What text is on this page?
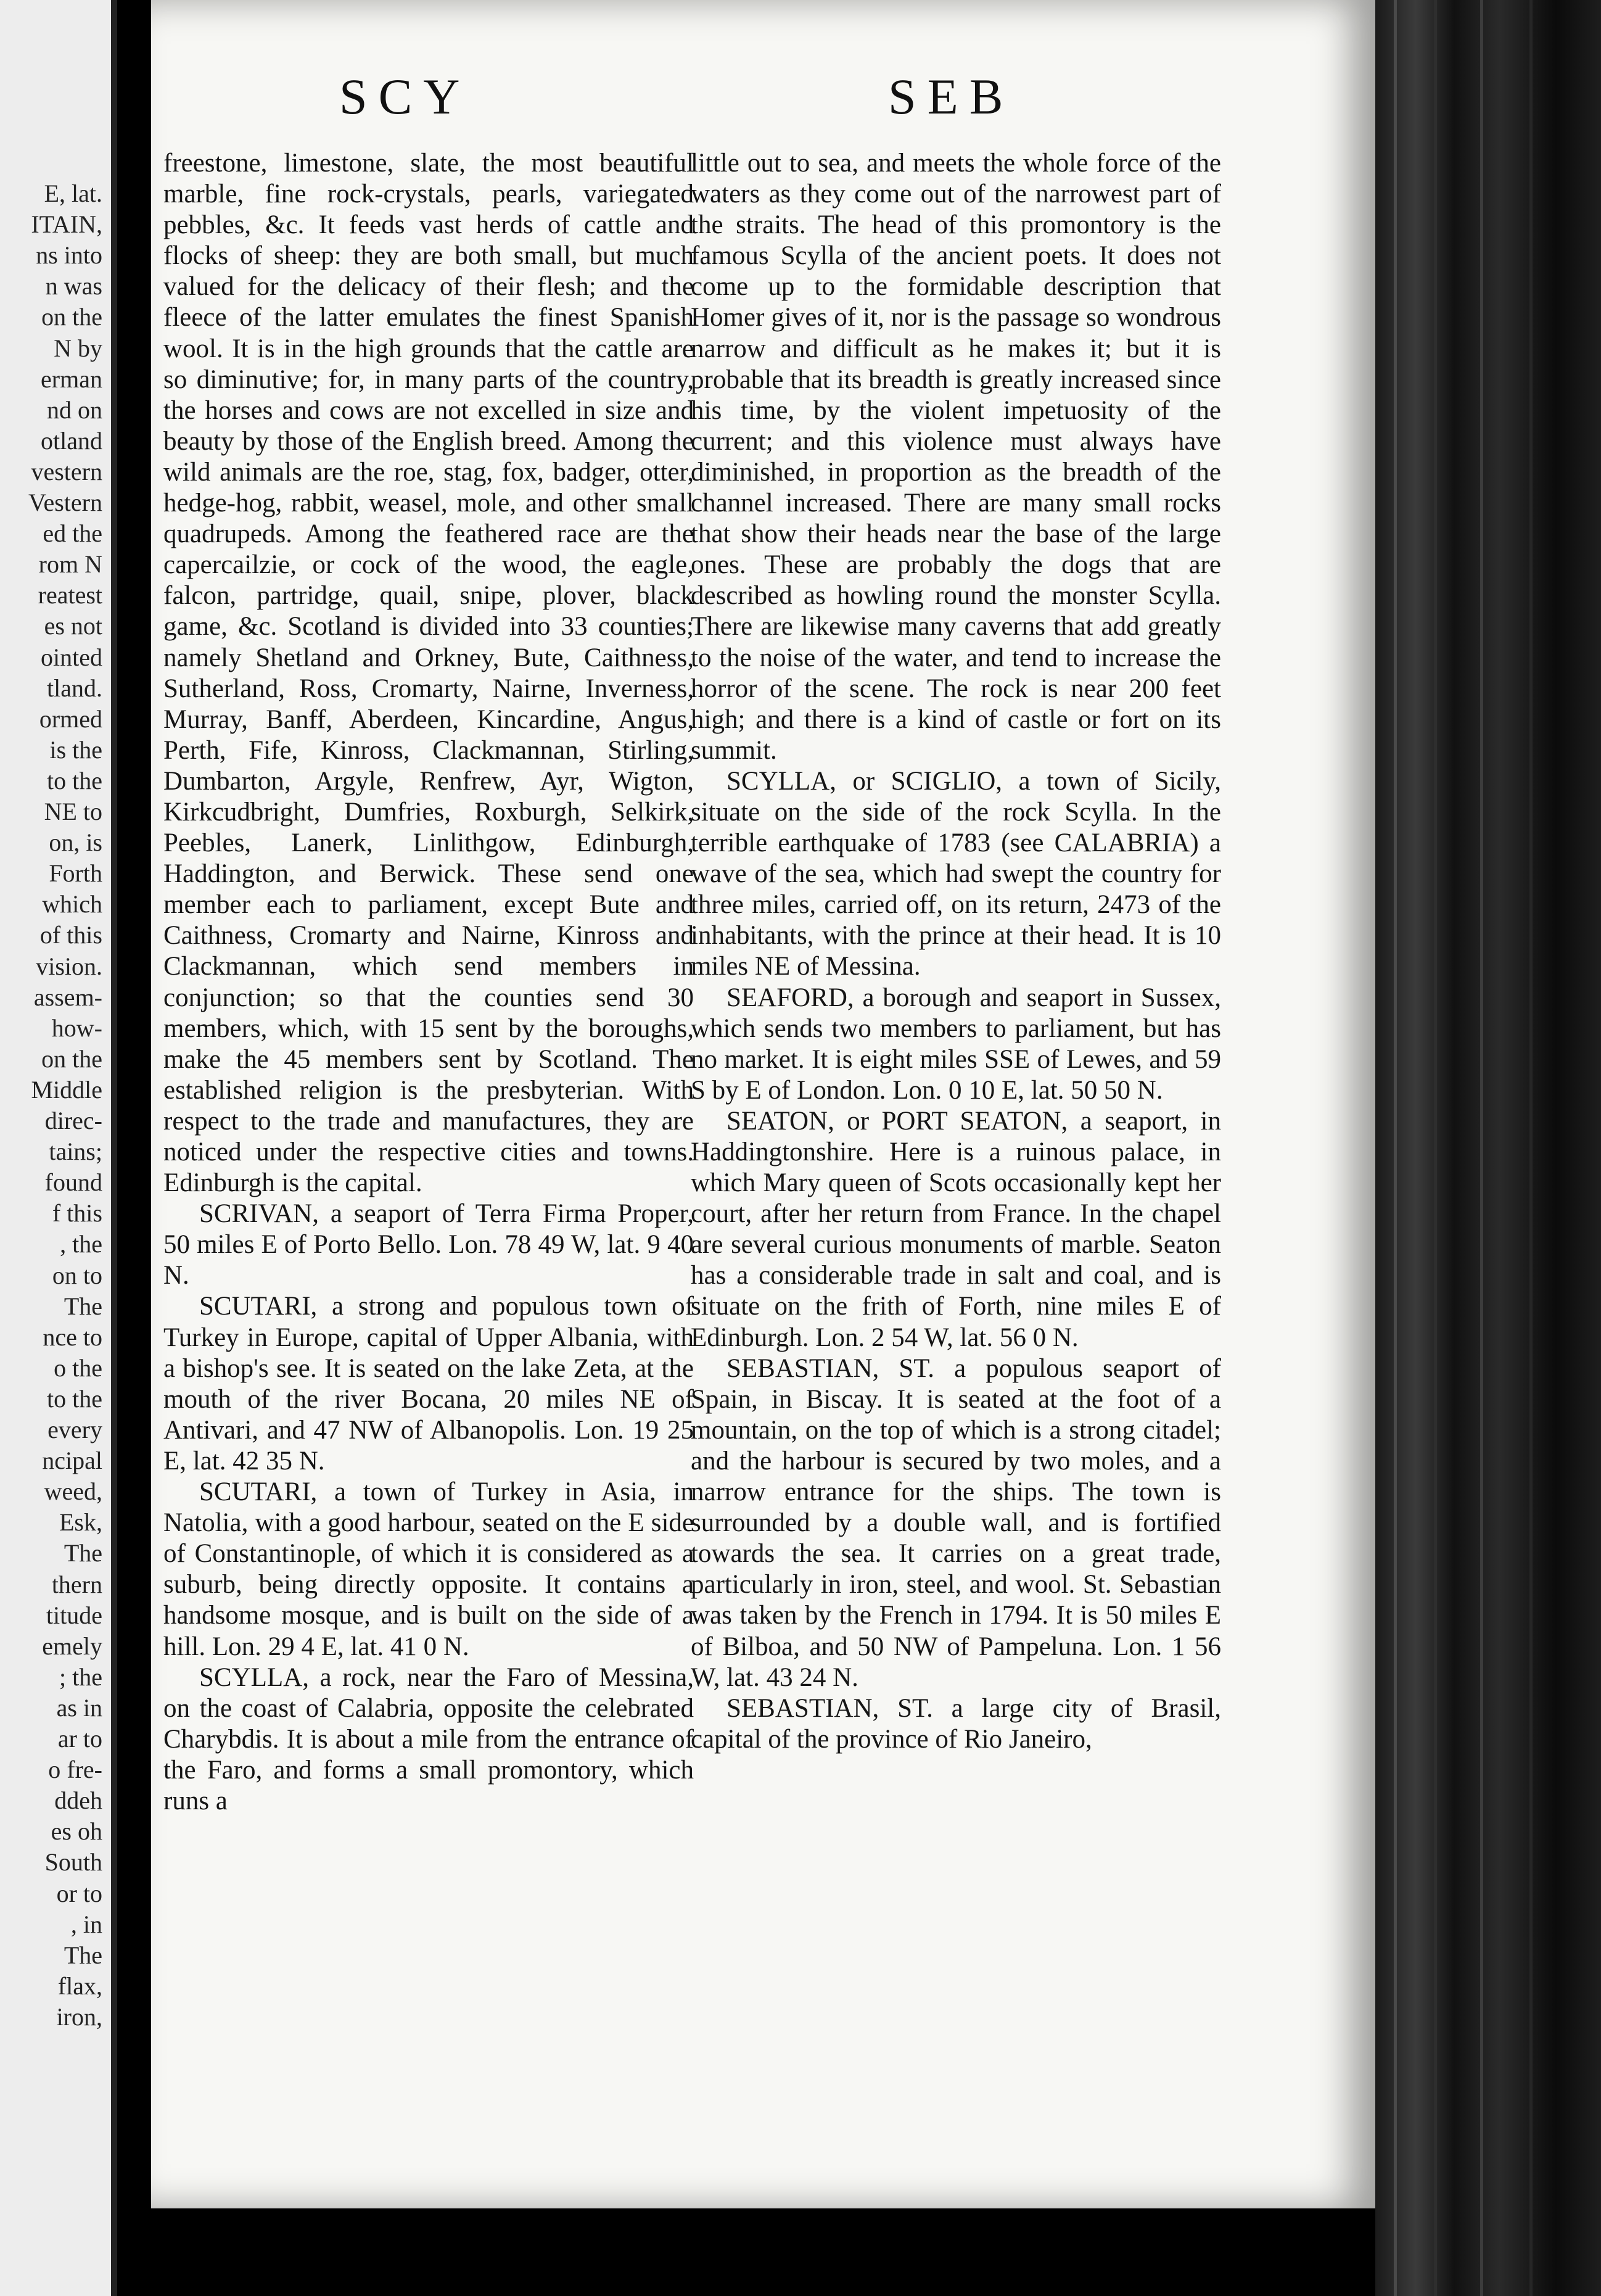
E, lat.
ITAIN,
ns into
n was
on the
N by
erman
nd on
otland
vestern
Vestern
ed the
rom N
reatest
es not
ointed
tland.
ormed
is the
to the
NE to
on, is
Forth
which
of this
vision.
assem-
how-
on the
Middle
direc-
tains;
found
f this
, the
on to
The
nce to
o the
to the
every
ncipal
weed,
Esk,
The
thern
titude
emely
; the
as in
ar to
o fre-
ddeh
es oh
South
or to
, in
The
flax,
iron,
SCY	SEB

freestone, limestone, slate, the most beautiful marble, fine rock-crystals, pearls, variegated pebbles, &c. It feeds vast herds of cattle and flocks of sheep: they are both small, but much valued for the delicacy of their flesh; and the fleece of the latter emulates the finest Spanish wool. It is in the high grounds that the cattle are so diminutive; for, in many parts of the country, the horses and cows are not excelled in size and beauty by those of the English breed. Among the wild animals are the roe, stag, fox, badger, otter, hedge-hog, rabbit, weasel, mole, and other small quadrupeds. Among the feathered race are the capercailzie, or cock of the wood, the eagle, falcon, partridge, quail, snipe, plover, black game, &c. Scotland is divided into 33 counties; namely Shetland and Orkney, Bute, Caithness, Sutherland, Ross, Cromarty, Nairne, Inverness, Murray, Banff, Aberdeen, Kincardine, Angus, Perth, Fife, Kinross, Clackmannan, Stirling, Dumbarton, Argyle, Renfrew, Ayr, Wigton, Kirkcudbright, Dumfries, Roxburgh, Selkirk, Peebles, Lanerk, Linlithgow, Edinburgh, Haddington, and Berwick. These send one member each to parliament, except Bute and Caithness, Cromarty and Nairne, Kinross and Clackmannan, which send members in conjunction; so that the counties send 30 members, which, with 15 sent by the boroughs, make the 45 members sent by Scotland. The established religion is the presbyterian. With respect to the trade and manufactures, they are noticed under the respective cities and towns. Edinburgh is the capital.

SCRIVAN, a seaport of Terra Firma Proper, 50 miles E of Porto Bello. Lon. 78 49 W, lat. 9 40 N.

SCUTARI, a strong and populous town of Turkey in Europe, capital of Upper Albania, with a bishop's see. It is seated on the lake Zeta, at the mouth of the river Bocana, 20 miles NE of Antivari, and 47 NW of Albanopolis. Lon. 19 25 E, lat. 42 35 N.

SCUTARI, a town of Turkey in Asia, in Natolia, with a good harbour, seated on the E side of Constantinople, of which it is considered as a suburb, being directly opposite. It contains a handsome mosque, and is built on the side of a hill. Lon. 29 4 E, lat. 41 0 N.

SCYLLA, a rock, near the Faro of Messina, on the coast of Calabria, opposite the celebrated Charybdis. It is about a mile from the entrance of the Faro, and forms a small promontory, which runs a

little out to sea, and meets the whole force of the waters as they come out of the narrowest part of the straits. The head of this promontory is the famous Scylla of the ancient poets. It does not come up to the formidable description that Homer gives of it, nor is the passage so wondrous narrow and difficult as he makes it; but it is probable that its breadth is greatly increased since his time, by the violent impetuosity of the current; and this violence must always have diminished, in proportion as the breadth of the channel increased. There are many small rocks that show their heads near the base of the large ones. These are probably the dogs that are described as howling round the monster Scylla. There are likewise many caverns that add greatly to the noise of the water, and tend to increase the horror of the scene. The rock is near 200 feet high; and there is a kind of castle or fort on its summit.

SCYLLA, or SCIGLIO, a town of Sicily, situate on the side of the rock Scylla. In the terrible earthquake of 1783 (see CALABRIA) a wave of the sea, which had swept the country for three miles, carried off, on its return, 2473 of the inhabitants, with the prince at their head. It is 10 miles NE of Messina.

SEAFORD, a borough and seaport in Sussex, which sends two members to parliament, but has no market. It is eight miles SSE of Lewes, and 59 S by E of London. Lon. 0 10 E, lat. 50 50 N.

SEATON, or PORT SEATON, a seaport, in Haddingtonshire. Here is a ruinous palace, in which Mary queen of Scots occasionally kept her court, after her return from France. In the chapel are several curious monuments of marble. Seaton has a considerable trade in salt and coal, and is situate on the frith of Forth, nine miles E of Edinburgh. Lon. 2 54 W, lat. 56 0 N.

SEBASTIAN, ST. a populous seaport of Spain, in Biscay. It is seated at the foot of a mountain, on the top of which is a strong citadel; and the harbour is secured by two moles, and a narrow entrance for the ships. The town is surrounded by a double wall, and is fortified towards the sea. It carries on a great trade, particularly in iron, steel, and wool. St. Sebastian was taken by the French in 1794. It is 50 miles E of Bilboa, and 50 NW of Pampeluna. Lon. 1 56 W, lat. 43 24 N.

SEBASTIAN, ST. a large city of Brasil, capital of the province of Rio Janeiro,
